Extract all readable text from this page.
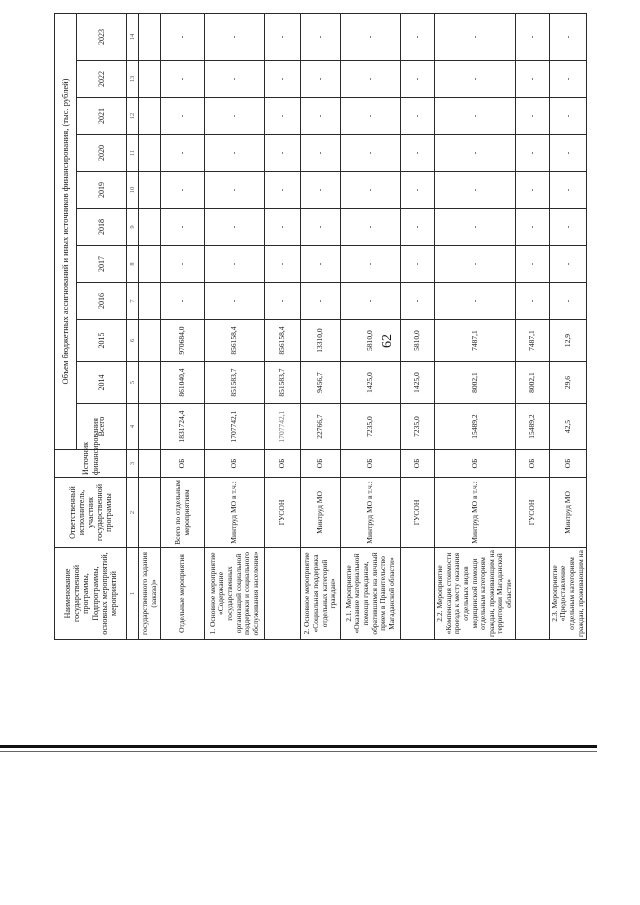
62
Наименование государственной программы, Подпрограммы, основных мероприятий, мероприятий	Ответственный исполнитель, участник государственной программы	Источник финансирования	Объем бюджетных ассигнований и иных источников финансирования, (тыс. рублей)										
			Всего	2014	2015	2016	2017	2018	2019	2020	2021	2022	2023
1	2	3	4	5	6	7	8	9	10	11	12	13	14
государственного задания (заказа)»													
Отдельные мероприятия	Всего по отдельным мероприятиям	ОБ	1831724,4	861040,4	970684,0	-	-	-	-	-	-	-	-
1. Основное мероприятие «Содержание государственных организаций социальной поддержки и социального обслуживания населения»	Минтруд МО в т.ч.:	ОБ	1707742,1	851583,7	856158,4	-	-	-	-	-	-	-	-
	ГУСОН	ОБ	1707742,1	851583,7	856158,4	-	-	-	-	-	-	-	-
2. Основное мероприятие «Социальная поддержка отдельных категорий граждан»	Минтруд МО	ОБ	22766,7	9456,7	13310,0	-	-	-	-	-	-	-	-
2.1. Мероприятие «Оказание материальной помощи гражданам, обратившимся на личный прием в Правительство Магаданской области»	Минтруд МО в т.ч.:	ОБ	7235,0	1425,0	5810,0	-	-	-	-	-	-	-	-
	ГУСОН	ОБ	7235,0	1425,0	5810,0	-	-	-	-	-	-	-	-
2.2. Мероприятие «Компенсация стоимости проезда к месту оказания отдельных видов медицинской помощи отдельным категориям граждан, проживающим на территории Магаданской области»	Минтруд МО в т.ч.:	ОБ	15489,2	8002,1	7487,1	-	-	-	-	-	-	-	-
	ГУСОН	ОБ	15489,2	8002,1	7487,1	-	-	-	-	-	-	-	-
2.3. Мероприятие «Предоставление отдельным категориям граждан, проживающим на	Минтруд МО	ОБ	42,5	29,6	12,9	-	-	-	-	-	-	-	-
